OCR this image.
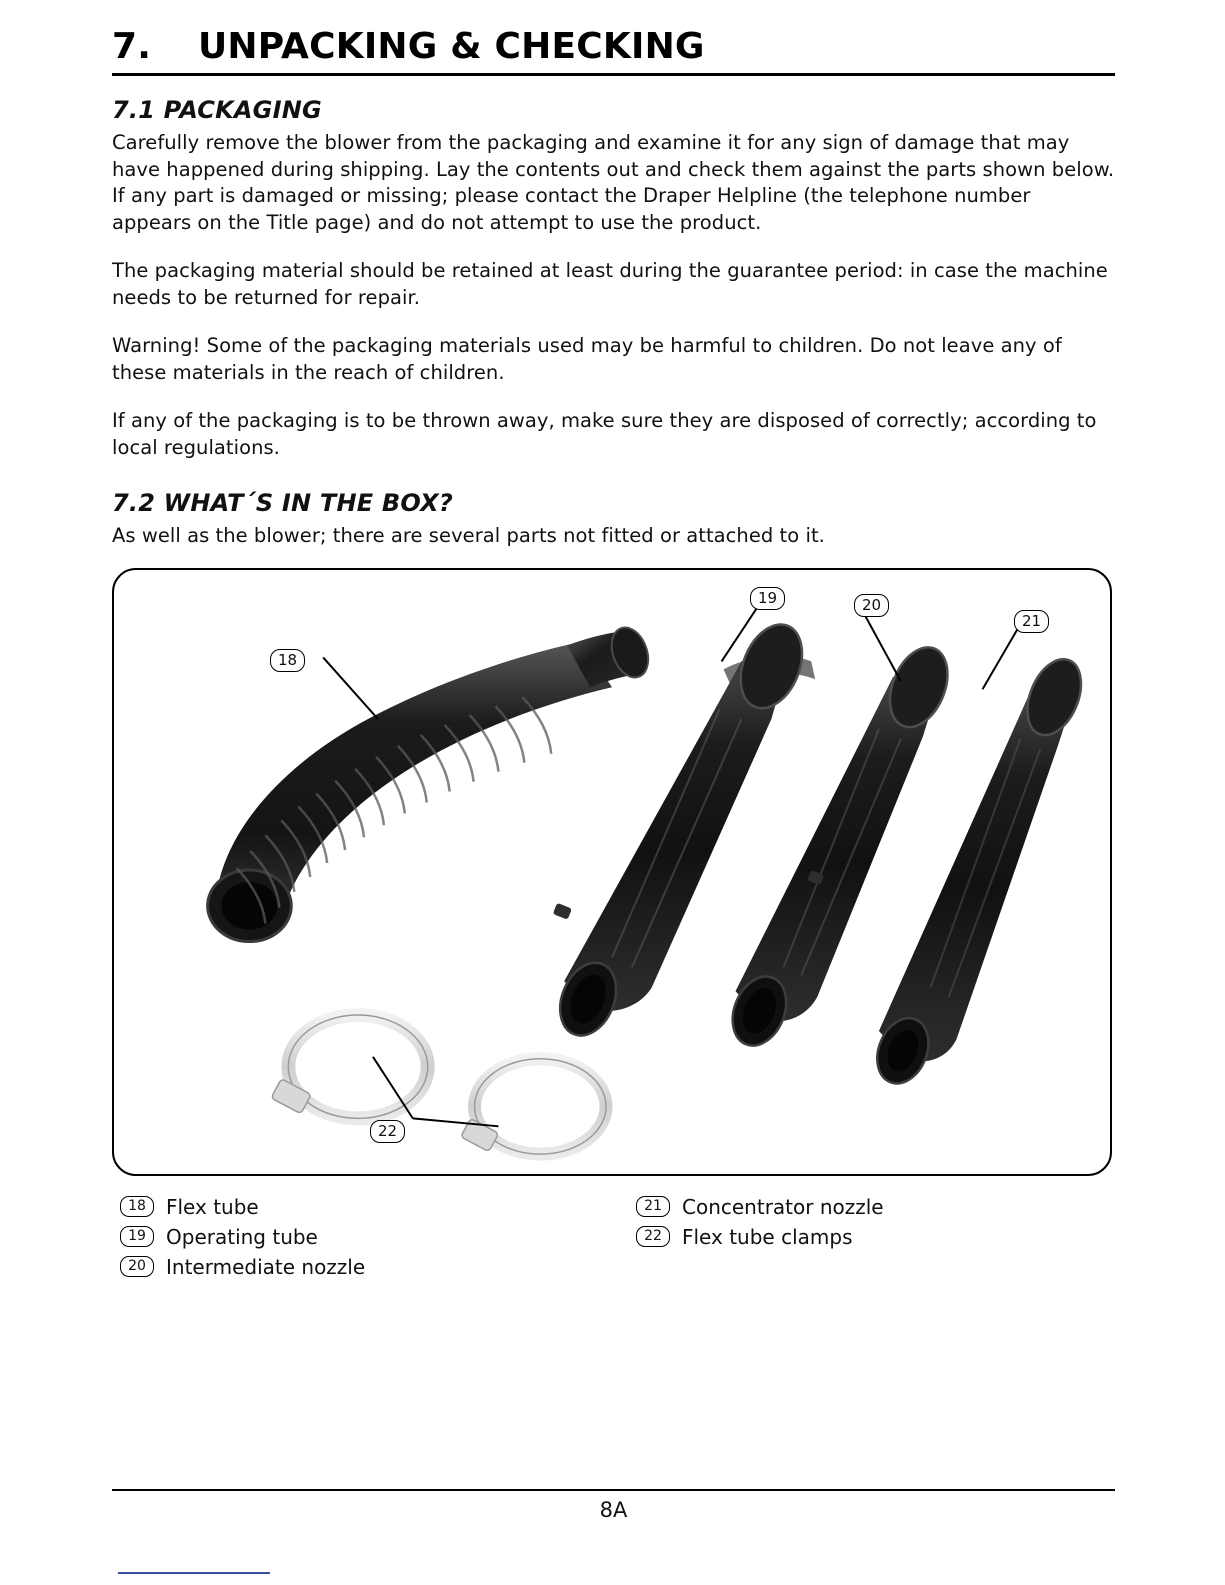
7.	UNPACKING & CHECKING
7.1 PACKAGING

Carefully remove the blower from the packaging and examine it for any sign of damage that may have happened during shipping. Lay the contents out and check them against the parts shown below. If any part is damaged or missing; please contact the Draper Helpline (the telephone number appears on the Title page) and do not attempt to use the product.

The packaging material should be retained at least during the guarantee period: in case the machine needs to be returned for repair.

Warning! Some of the packaging materials used may be harmful to children. Do not leave any of these materials in the reach of children.

If any of the packaging is to be thrown away, make sure they are disposed of correctly; according to local regulations.

7.2 WHAT´S IN THE BOX?

As well as the blower; there are several parts not fitted or attached to it.

18
19	20
21
22
18	Flex tube
19	Operating tube
20	Intermediate nozzle
21	Concentrator nozzle
22	Flex tube clamps
8A
